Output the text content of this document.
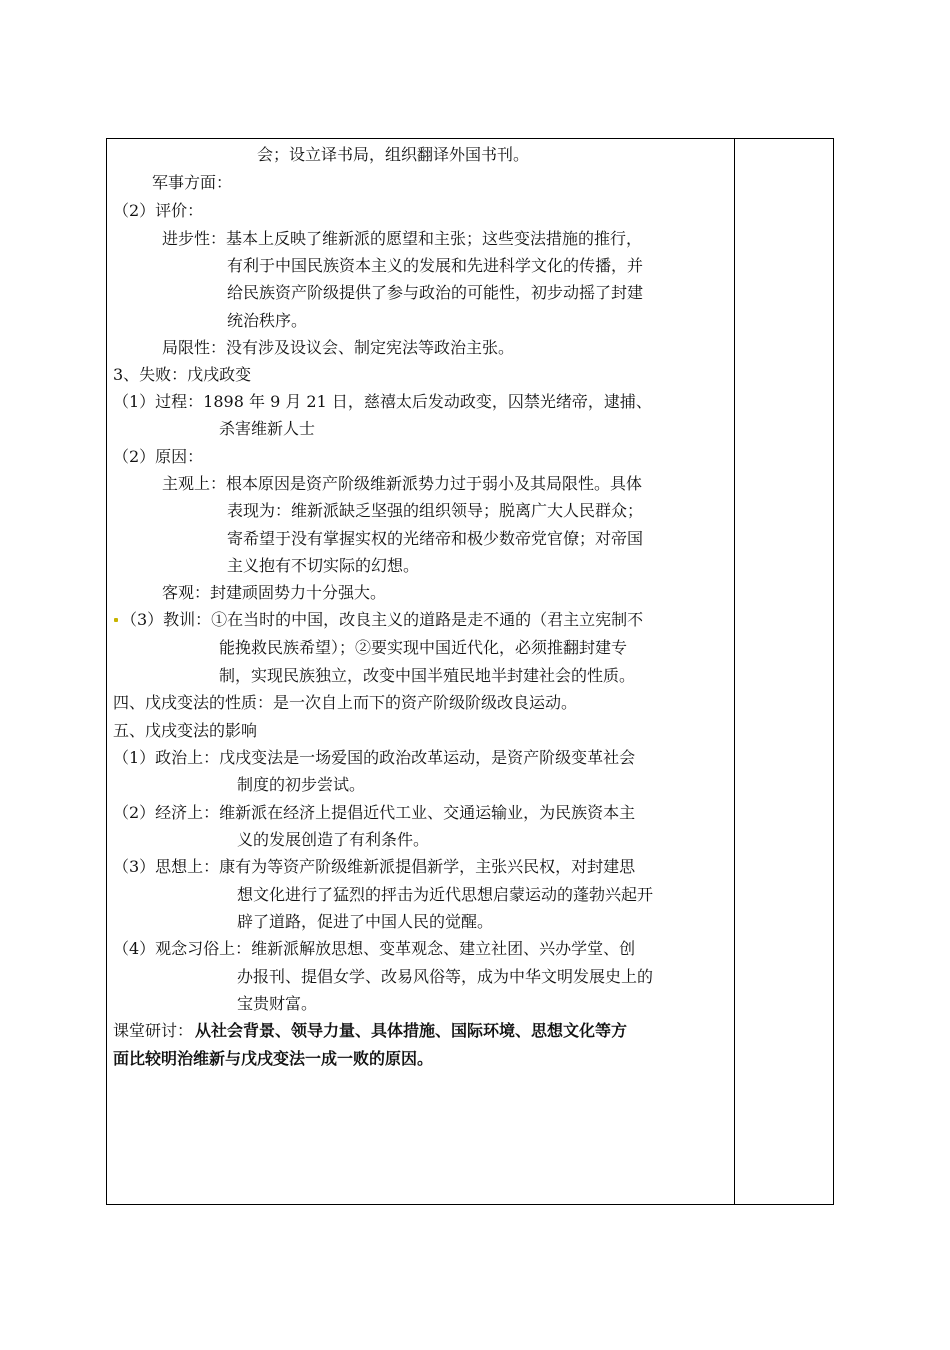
会；设立译书局，组织翻译外国书刊。
军事方面：
（2）评价：
进步性：基本上反映了维新派的愿望和主张；这些变法措施的推行，
有利于中国民族资本主义的发展和先进科学文化的传播，并
给民族资产阶级提供了参与政治的可能性，初步动摇了封建
统治秩序。
局限性：没有涉及设议会、制定宪法等政治主张。
3、失败：戊戌政变
（1）过程：1898 年 9 月 21 日，慈禧太后发动政变，囚禁光绪帝，逮捕、
杀害维新人士
（2）原因：
主观上：根本原因是资产阶级维新派势力过于弱小及其局限性。具体
表现为：维新派缺乏坚强的组织领导；脱离广大人民群众；
寄希望于没有掌握实权的光绪帝和极少数帝党官僚；对帝国
主义抱有不切实际的幻想。
客观：封建顽固势力十分强大。
（3）教训：①在当时的中国，改良主义的道路是走不通的（君主立宪制不
能挽救民族希望）；②要实现中国近代化，必须推翻封建专
制，实现民族独立，改变中国半殖民地半封建社会的性质。
四、戊戌变法的性质：是一次自上而下的资产阶级阶级改良运动。
五、戊戌变法的影响
（1）政治上：戊戌变法是一场爱国的政治改革运动，是资产阶级变革社会
制度的初步尝试。
（2）经济上：维新派在经济上提倡近代工业、交通运输业，为民族资本主
义的发展创造了有利条件。
（3）思想上：康有为等资产阶级维新派提倡新学，主张兴民权，对封建思
想文化进行了猛烈的抨击为近代思想启蒙运动的蓬勃兴起开
辟了道路，促进了中国人民的觉醒。
（4）观念习俗上：维新派解放思想、变革观念、建立社团、兴办学堂、创
办报刊、提倡女学、改易风俗等，成为中华文明发展史上的
宝贵财富。
课堂研讨： 从社会背景、领导力量、具体措施、国际环境、思想文化等方
面比较明治维新与戊戌变法一成一败的原因。
